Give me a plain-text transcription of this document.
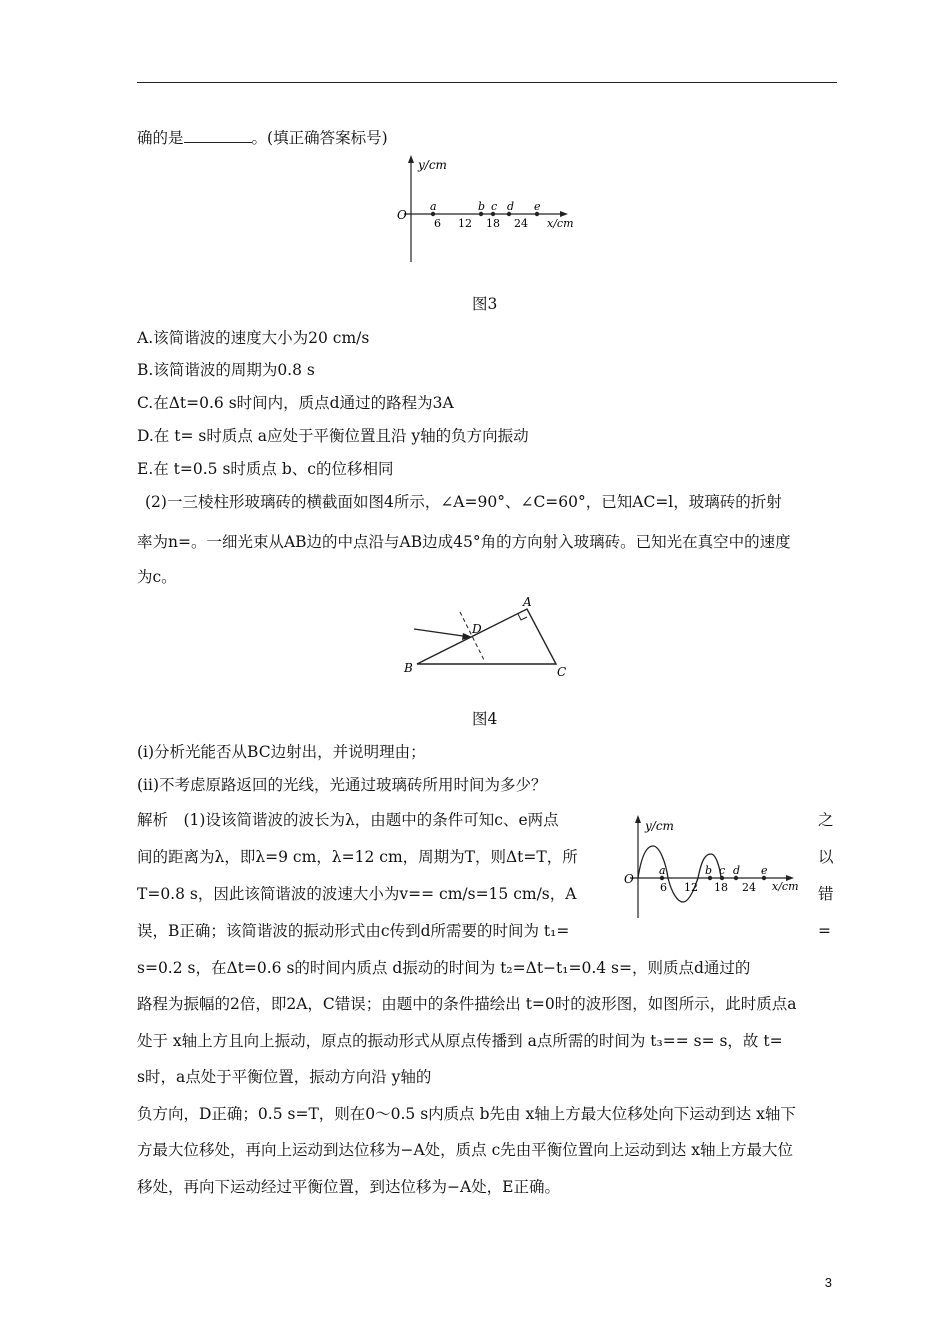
确的是	。(填正确答案标号)
y/cm
O
x/cm
6 12 18 24
a	b c d e
图3
A.该简谐波的速度大小为20 cm/s
B.该简谐波的周期为0.8 s
C.在Δt=0.6 s时间内，质点d通过的路程为3A
D.在 t= s时质点 a应处于平衡位置且沿 y轴的负方向振动
E.在 t=0.5 s时质点 b、c的位移相同
(2)一三棱柱形玻璃砖的横截面如图4所示，∠A=90°、∠C=60°，已知AC=l，玻璃砖的折射
率为n=。一细光束从AB边的中点沿与AB边成45°角的方向射入玻璃砖。已知光在真空中的速度
为c。
A
B	C
D
图4
(ⅰ)分析光能否从BC边射出，并说明理由；
(ⅱ)不考虑原路返回的光线，光通过玻璃砖所用时间为多少？
解析　(1)设该简谐波的波长为λ，由题中的条件可知c、e两点
间的距离为λ，即λ=9 cm，λ=12 cm，周期为T，则Δt=T，所
T=0.8 s，因此该简谐波的波速大小为v== cm/s=15 cm/s，A
误，B正确；该简谐波的振动形式由c传到d所需要的时间为 t₁=
之
以
错
=
y/cm
O
x/cm
6 12 18 24
a	b c d e
s=0.2 s，在Δt=0.6 s的时间内质点 d振动的时间为 t₂=Δt−t₁=0.4 s=，则质点d通过的
路程为振幅的2倍，即2A，C错误；由题中的条件描绘出 t=0时的波形图，如图所示，此时质点a
处于 x轴上方且向上振动，原点的振动形式从原点传播到 a点所需的时间为 t₃== s= s，故 t=
s时，a点处于平衡位置，振动方向沿 y轴的
负方向，D正确；0.5 s=T，则在0～0.5 s内质点 b先由 x轴上方最大位移处向下运动到达 x轴下
方最大位移处，再向上运动到达位移为−A处，质点 c先由平衡位置向上运动到达 x轴上方最大位
移处，再向下运动经过平衡位置，到达位移为−A处，E正确。
3
